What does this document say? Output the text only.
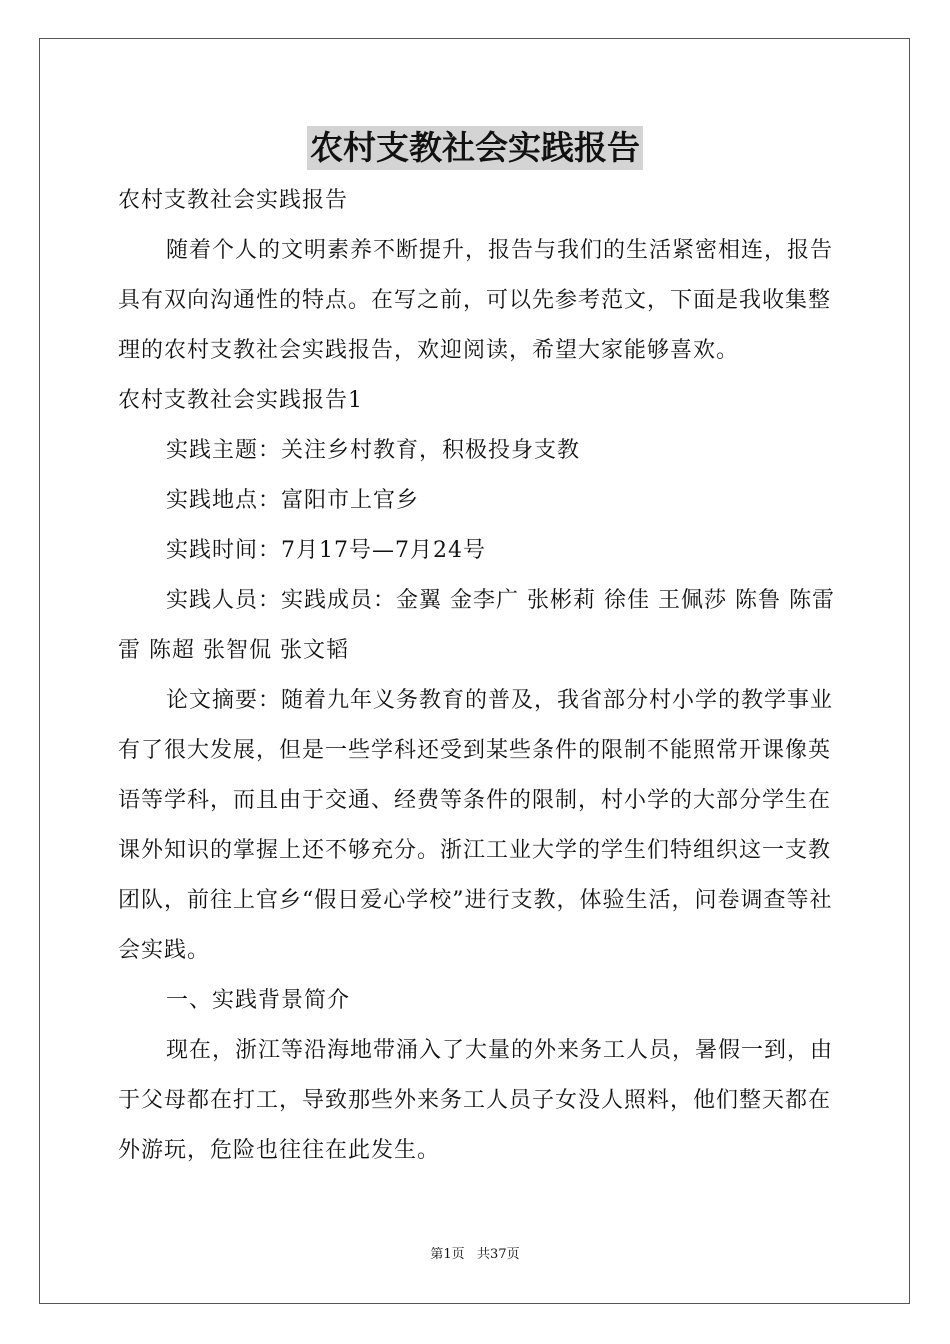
农村支教社会实践报告

农村支教社会实践报告

随着个人的文明素养不断提升，报告与我们的生活紧密相连，报告具有双向沟通性的特点。在写之前，可以先参考范文，下面是我收集整理的农村支教社会实践报告，欢迎阅读，希望大家能够喜欢。

农村支教社会实践报告1

实践主题：关注乡村教育，积极投身支教

实践地点：富阳市上官乡

实践时间：7月17号—7月24号

实践人员：实践成员：金翼 金李广 张彬莉 徐佳 王佩莎 陈鲁 陈雷雷 陈超 张智侃 张文韬

论文摘要：随着九年义务教育的普及，我省部分村小学的教学事业有了很大发展，但是一些学科还受到某些条件的限制不能照常开课像英语等学科，而且由于交通、经费等条件的限制，村小学的大部分学生在课外知识的掌握上还不够充分。浙江工业大学的学生们特组织这一支教团队，前往上官乡“假日爱心学校”进行支教，体验生活，问卷调查等社会实践。

一、实践背景简介

现在，浙江等沿海地带涌入了大量的外来务工人员，暑假一到，由于父母都在打工，导致那些外来务工人员子女没人照料，他们整天都在外游玩，危险也往往在此发生。

第1页   共37页
